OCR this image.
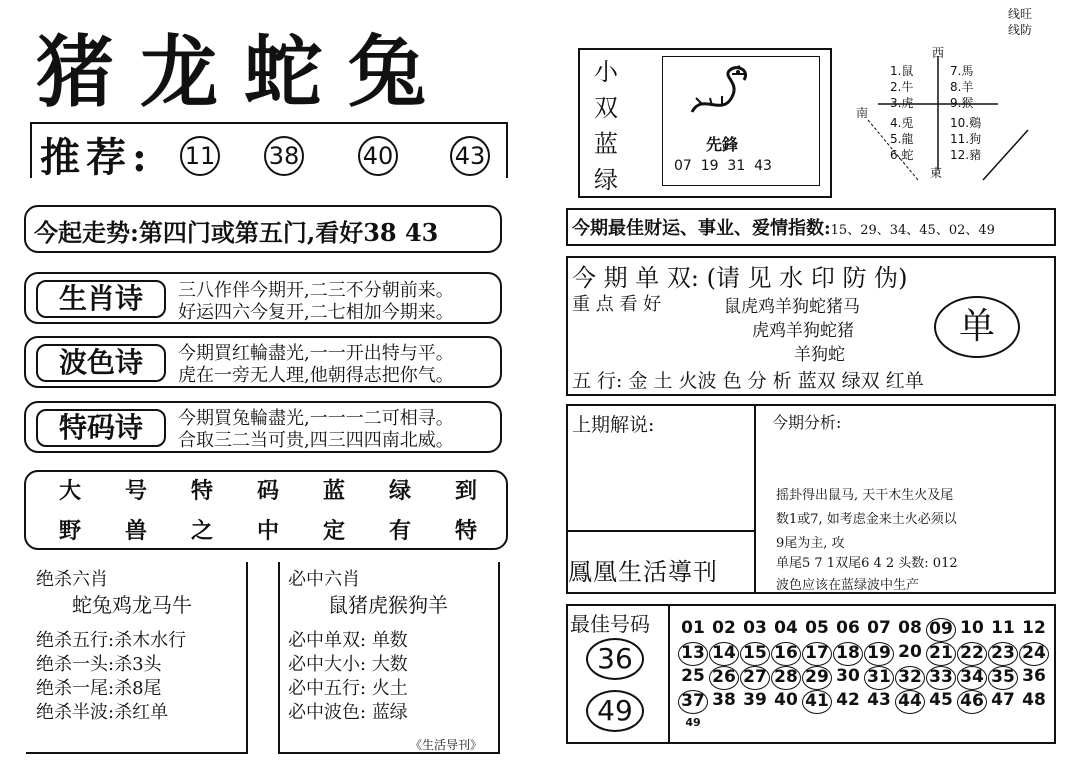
猪龙蛇兔
推荐: 11 38	40	43
今起走势:第四门或第五门,看好38 43
生肖诗	三八作伴今期开,二三不分朝前来。
好运四六今复开,二七相加今期来。
波色诗	今期買红輪盡光,一一开出特与平。
虎在一旁无人理,他朝得志把你气。
特码诗	今期買兔輪盡光,一一一二可相寻。
合取三二当可贵,四三四四南北威。
大 号 特 码 蓝 绿 到
野 兽 之 中 定 有 特
绝杀六肖
蛇兔鸡龙马牛
绝杀五行:杀木水行
绝杀一头:杀3头
绝杀一尾:杀8尾
绝杀半波:杀红单
必中六肖
鼠猪虎猴狗羊
必中单双: 单数
必中大小: 大数
必中五行: 火土
必中波色: 蓝绿
《生活导刊》
线旺
线防
小
双
蓝
绿
先鋒
07  19  31  43
西
南
東
1.鼠
2.牛
3.虎
4.兎
5.龍
6.蛇
7.馬
8.羊
9.猴
10.鷄
11.狗
12.豬
今期最佳财运、事业、爱情指数:15、29、34、45、02、49
今 期 单 双: (请 见 水 印 防 伪)
重 点 看 好	鼠虎鸡羊狗蛇猪马
虎鸡羊狗蛇猪
羊狗蛇
单
五 行: 金 土 火波 色 分 析 蓝双 绿双 红单
上期解说:
鳳凰生活導刊
今期分析:
摇卦得出鼠马, 天干木生火及尾
数1或7, 如考虑金来土火必须以
9尾为主, 攻
单尾5 7 1双尾6 4 2 头数: 012
波色应该在蓝绿波中生产
最佳号码
36
49
01 02 03 04 05 06 07 08 09 10 11 12
13 14 15 16 17 18 19 20 21 22 23 24
25 26 27 28 29 30 31 32 33 34 35 36
37 38 39 40 41 42 43 44 45 46 47 48
49
